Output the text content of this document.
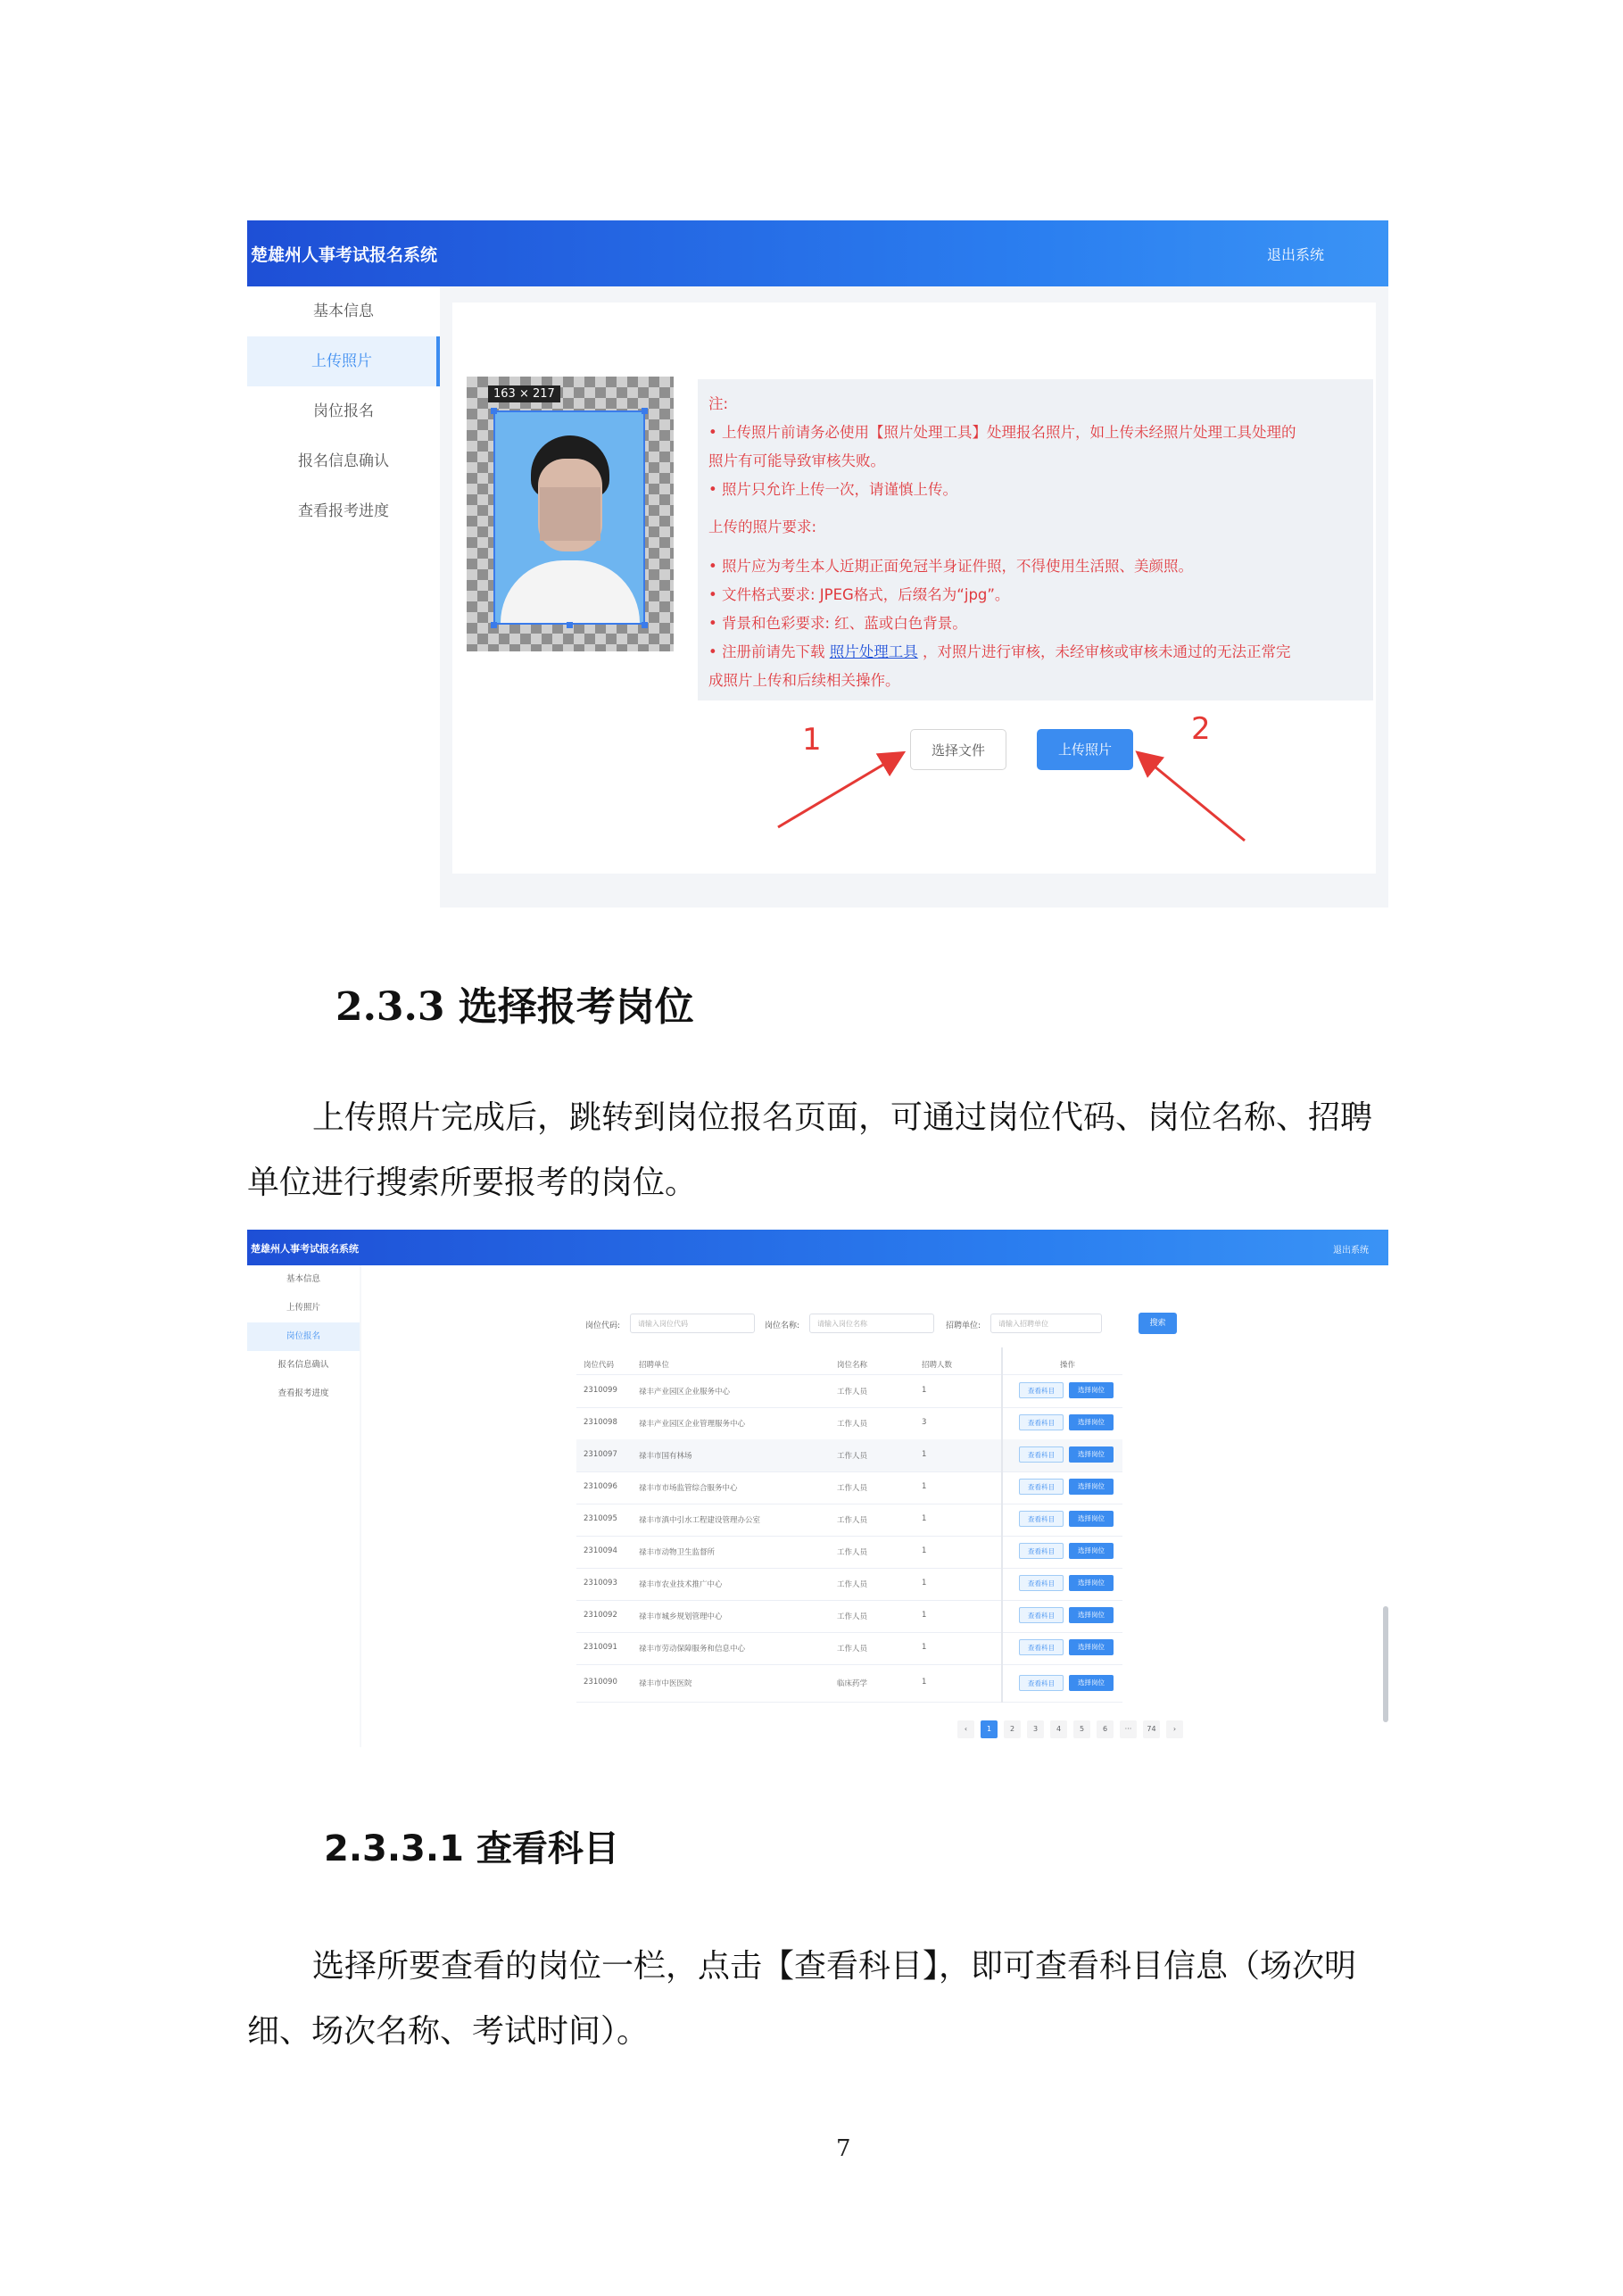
楚雄州人事考试报名系统	退出系统
基本信息
上传照片
岗位报名
报名信息确认
查看报考进度
163 × 217
注:
• 上传照片前请务必使用【照片处理工具】处理报名照片，如上传未经照片处理工具处理的
照片有可能导致审核失败。
• 照片只允许上传一次，请谨慎上传。
上传的照片要求:
• 照片应为考生本人近期正面免冠半身证件照，不得使用生活照、美颜照。
• 文件格式要求: JPEG格式，后缀名为“jpg”。
• 背景和色彩要求: 红、蓝或白色背景。
• 注册前请先下载 照片处理工具 ，对照片进行审核，未经审核或审核未通过的无法正常完
成照片上传和后续相关操作。
选择文件	上传照片
1	2
2.3.3 选择报考岗位
上传照片完成后，跳转到岗位报名页面，可通过岗位代码、岗位名称、招聘
单位进行搜索所要报考的岗位。
楚雄州人事考试报名系统	退出系统
基本信息
上传照片
岗位报名
报名信息确认
查看报考进度
岗位代码:	请输入岗位代码	岗位名称:	请输入岗位名称	招聘单位:	请输入招聘单位	搜索
岗位代码	招聘单位	岗位名称	招聘人数	操作
2310099	禄丰产业园区企业服务中心	工作人员	1	查看科目	选择岗位
2310098	禄丰产业园区企业管理服务中心	工作人员	3	查看科目	选择岗位
2310097	禄丰市国有林场	工作人员	1	查看科目	选择岗位
2310096	禄丰市市场监管综合服务中心	工作人员	1	查看科目	选择岗位
2310095	禄丰市滇中引水工程建设管理办公室	工作人员	1	查看科目	选择岗位
2310094	禄丰市动物卫生监督所	工作人员	1	查看科目	选择岗位
2310093	禄丰市农业技术推广中心	工作人员	1	查看科目	选择岗位
2310092	禄丰市城乡规划管理中心	工作人员	1	查看科目	选择岗位
2310091	禄丰市劳动保障服务和信息中心	工作人员	1	查看科目	选择岗位
2310090	禄丰市中医医院	临床药学	1	查看科目	选择岗位
‹	1	2	3	4	5	6	···	74	›
2.3.3.1 查看科目
选择所要查看的岗位一栏，点击【查看科目】，即可查看科目信息（场次明
细、场次名称、考试时间）。
7
